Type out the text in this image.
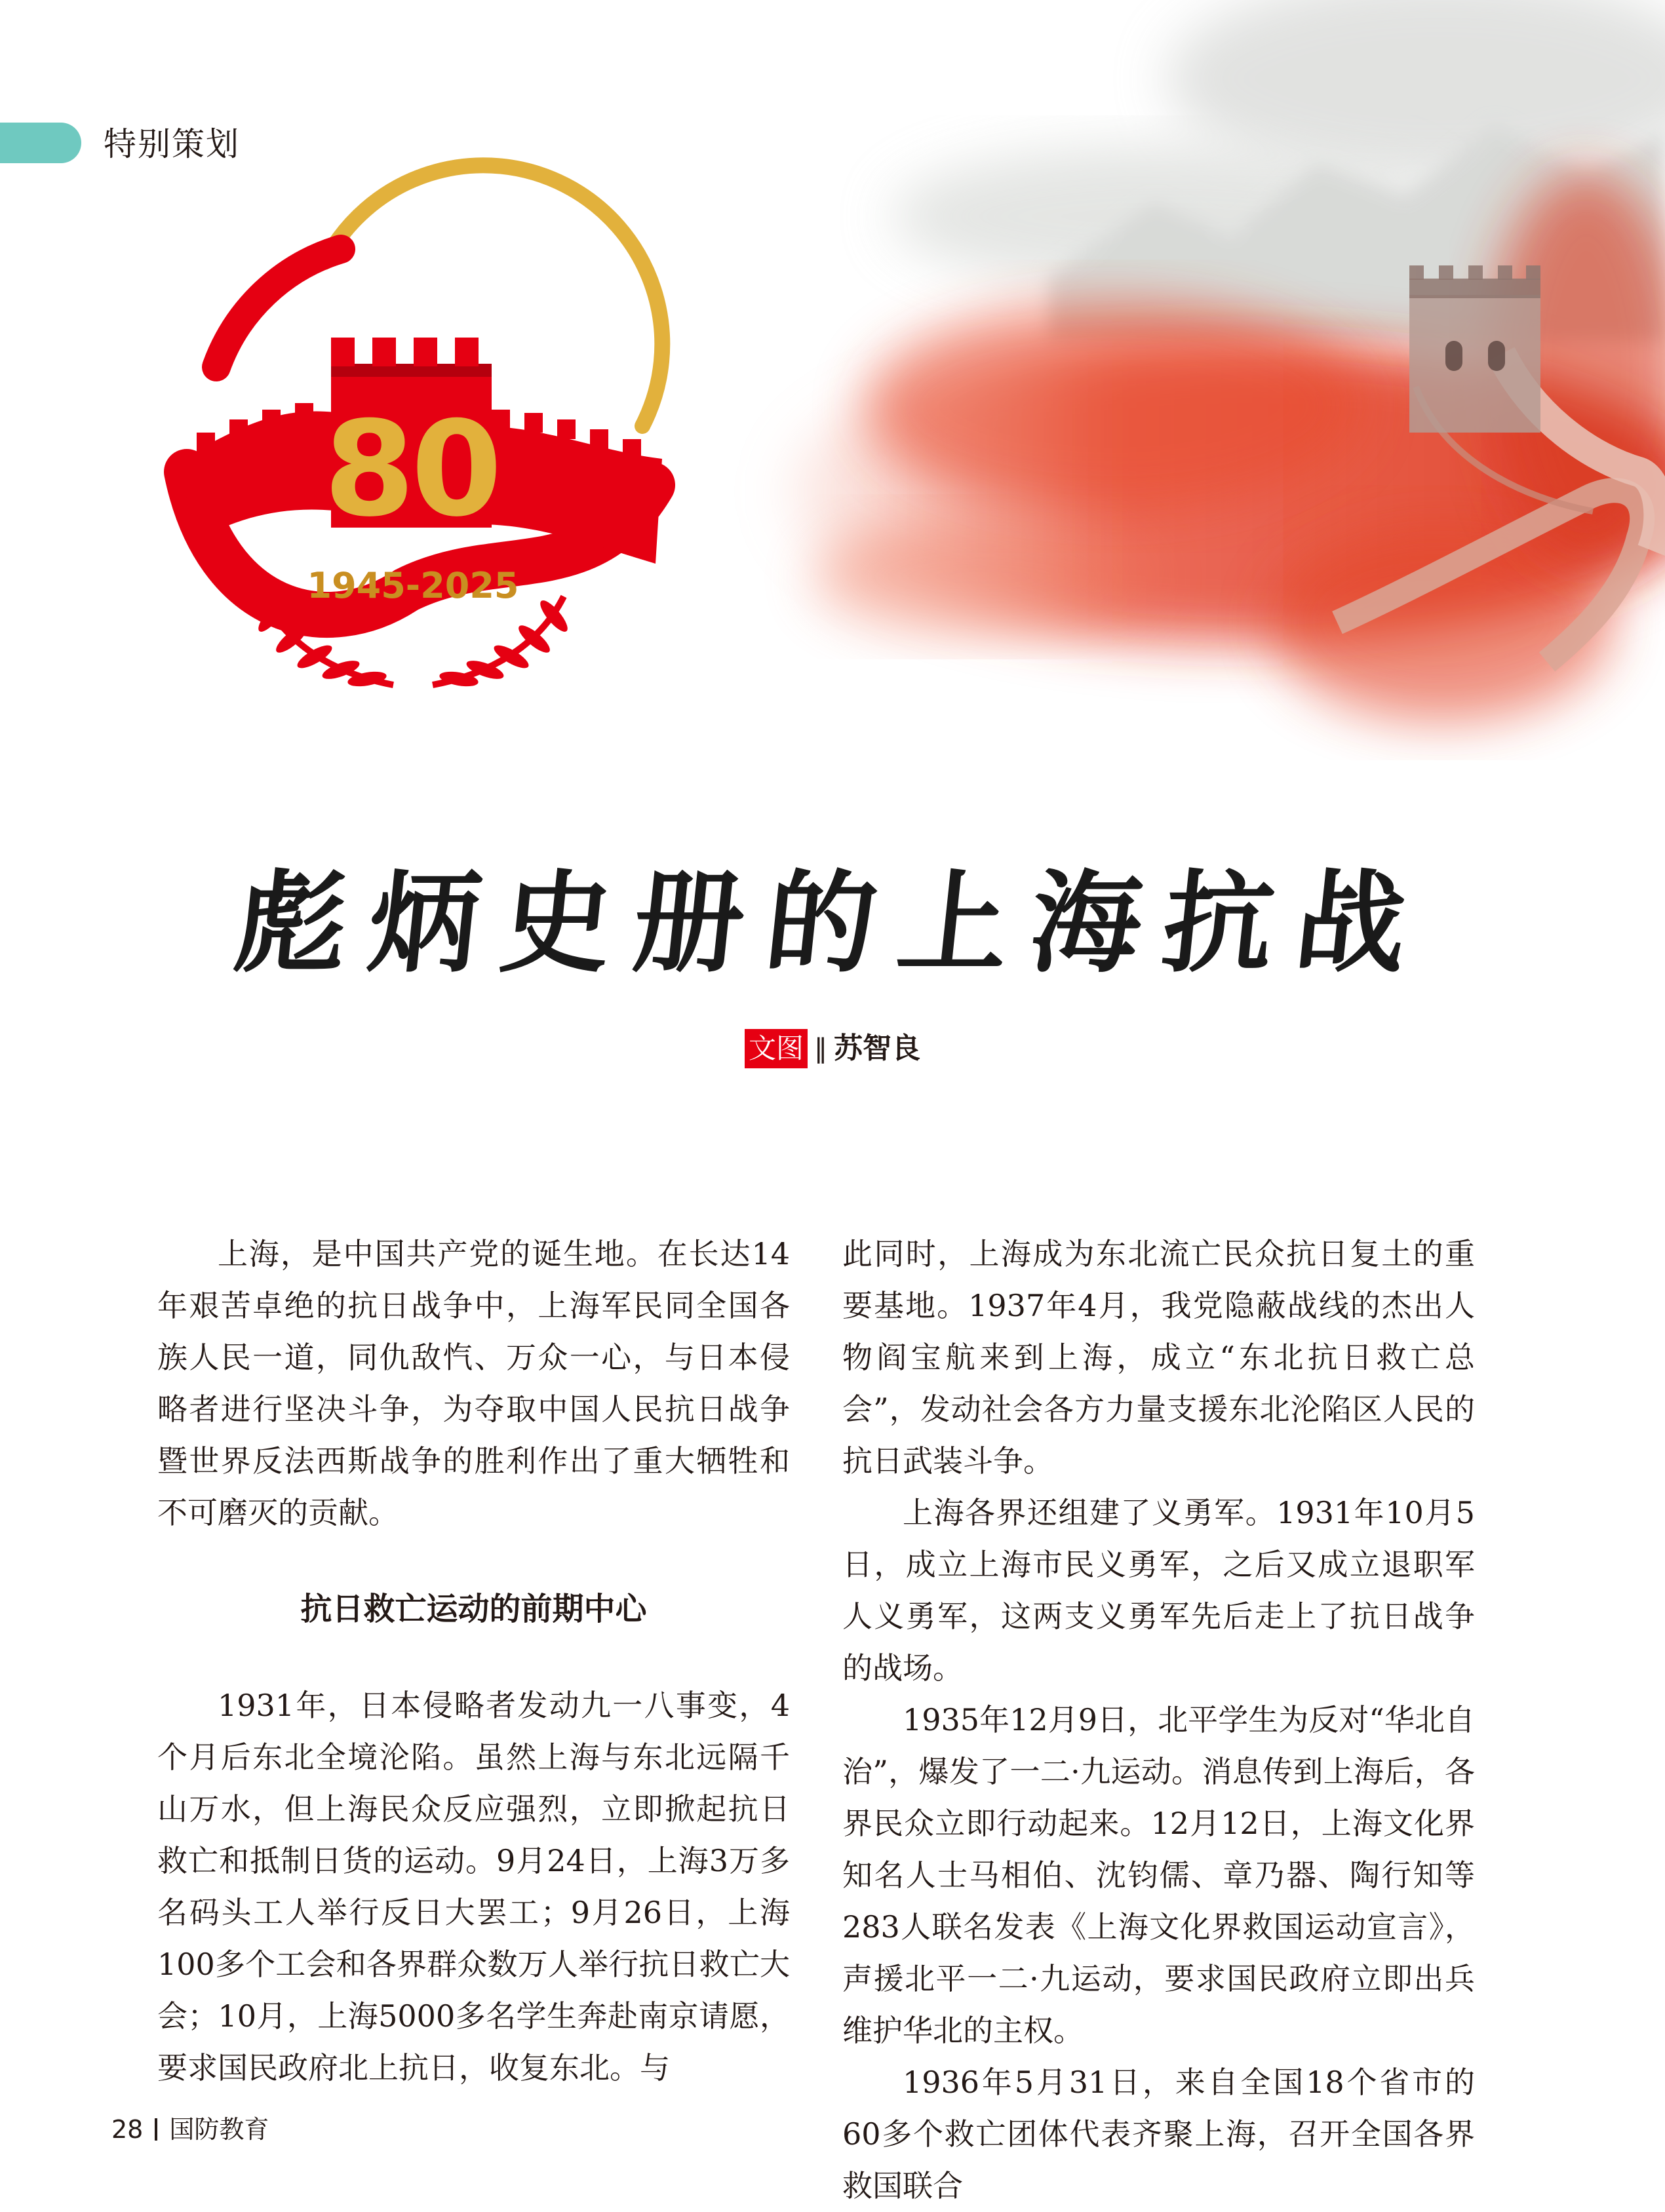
特别策划
80
1945-2025
彪炳史册的上海抗战
文图 ‖ 苏智良

上海，是中国共产党的诞生地。在长达14年艰苦卓绝的抗日战争中，上海军民同全国各族人民一道，同仇敌忾、万众一心，与日本侵略者进行坚决斗争，为夺取中国人民抗日战争暨世界反法西斯战争的胜利作出了重大牺牲和不可磨灭的贡献。

抗日救亡运动的前期中心

1931年，日本侵略者发动九一八事变，4个月后东北全境沦陷。虽然上海与东北远隔千山万水，但上海民众反应强烈，立即掀起抗日救亡和抵制日货的运动。9月24日，上海3万多名码头工人举行反日大罢工；9月26日，上海100多个工会和各界群众数万人举行抗日救亡大会；10月，上海5000多名学生奔赴南京请愿，要求国民政府北上抗日，收复东北。与

此同时，上海成为东北流亡民众抗日复土的重要基地。1937年4月，我党隐蔽战线的杰出人物阎宝航来到上海，成立“东北抗日救亡总会”，发动社会各方力量支援东北沦陷区人民的抗日武装斗争。

上海各界还组建了义勇军。1931年10月5日，成立上海市民义勇军，之后又成立退职军人义勇军，这两支义勇军先后走上了抗日战争的战场。

1935年12月9日，北平学生为反对“华北自治”，爆发了一二·九运动。消息传到上海后，各界民众立即行动起来。12月12日，上海文化界知名人士马相伯、沈钧儒、章乃器、陶行知等283人联名发表《上海文化界救国运动宣言》，声援北平一二·九运动，要求国民政府立即出兵维护华北的主权。

1936年5月31日，来自全国18个省市的60多个救亡团体代表齐聚上海，召开全国各界救国联合

28 国防教育
